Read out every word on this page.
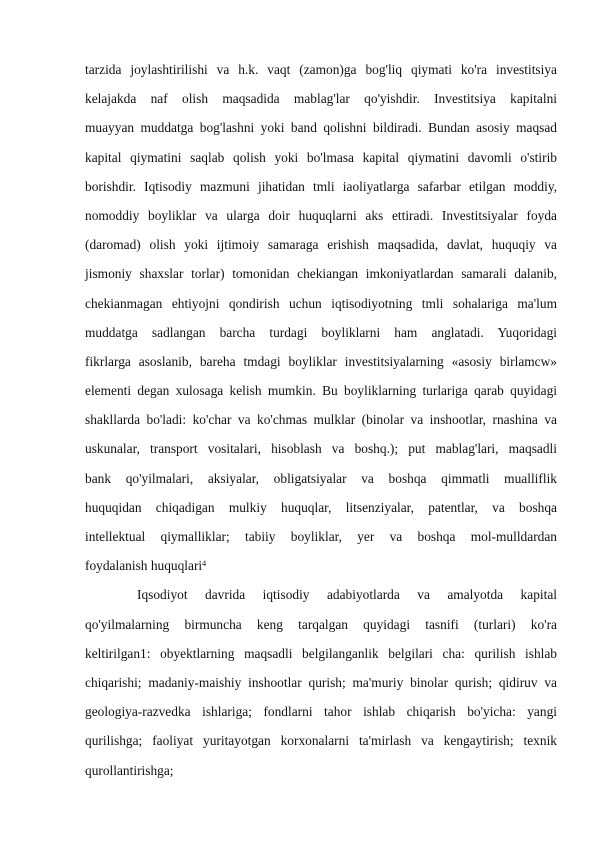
tarzida joylashtirilishi va h.k. vaqt (zamon)ga bog'liq qiymati ko'ra investitsiya
kelajakda naf olish maqsadida mablag'lar qo'yishdir. Investitsiya kapitalni
muayyan muddatga bog'lashni yoki band qolishni bildiradi. Bundan asosiy maqsad
kapital qiymatini saqlab qolish yoki bo'lmasa kapital qiymatini davomli o'stirib
borishdir. Iqtisodiy mazmuni jihatidan tmli iaoliyatlarga safarbar etilgan moddiy,
nomoddiy boyliklar va ularga doir huquqlarni aks ettiradi. Investitsiyalar foyda
(daromad) olish yoki ijtimoiy samaraga erishish maqsadida, davlat, huquqiy va
jismoniy shaxslar torlar) tomonidan chekiangan imkoniyatlardan samarali dalanib,
chekianmagan ehtiyojni qondirish uchun iqtisodiyotning tmli sohalariga ma'lum
muddatga sadlangan barcha turdagi boyliklarni ham anglatadi. Yuqoridagi
fikrlarga asoslanib, bareha tmdagi boyliklar investitsiyalarning «asosiy birlamcw»
elementi degan xulosaga kelish mumkin. Bu boyliklarning turlariga qarab quyidagi
shakllarda bo'ladi: ko'char va ko'chmas mulklar (binolar va inshootlar, rnashina va
uskunalar, transport vositalari, hisoblash va boshq.); put mablag'lari, maqsadli
bank qo'yilmalari, aksiyalar, obligatsiyalar va boshqa qimmatli mualliflik
huquqidan chiqadigan mulkiy huquqlar, litsenziyalar, patentlar, va boshqa
intellektual qiymalliklar; tabiiy boyliklar, yer va boshqa mol-mulldardan
foydalanish huquqlari$^4$
Iqsodiyot davrida iqtisodiy adabiyotlarda va amalyotda kapital
qo'yilmalarning birmuncha keng tarqalgan quyidagi tasnifi (turlari) ko'ra
keltirilgan1: obyektlarning maqsadli belgilanganlik belgilari cha: qurilish ishlab
chiqarishi; madaniy-maishiy inshootlar qurish; ma'muriy binolar qurish; qidiruv va
geologiya-razvedka ishlariga; fondlarni tahor ishlab chiqarish bo'yicha: yangi
qurilishga; faoliyat yuritayotgan korxonalarni ta'mirlash va kengaytirish; texnik
qurollantirishga;
